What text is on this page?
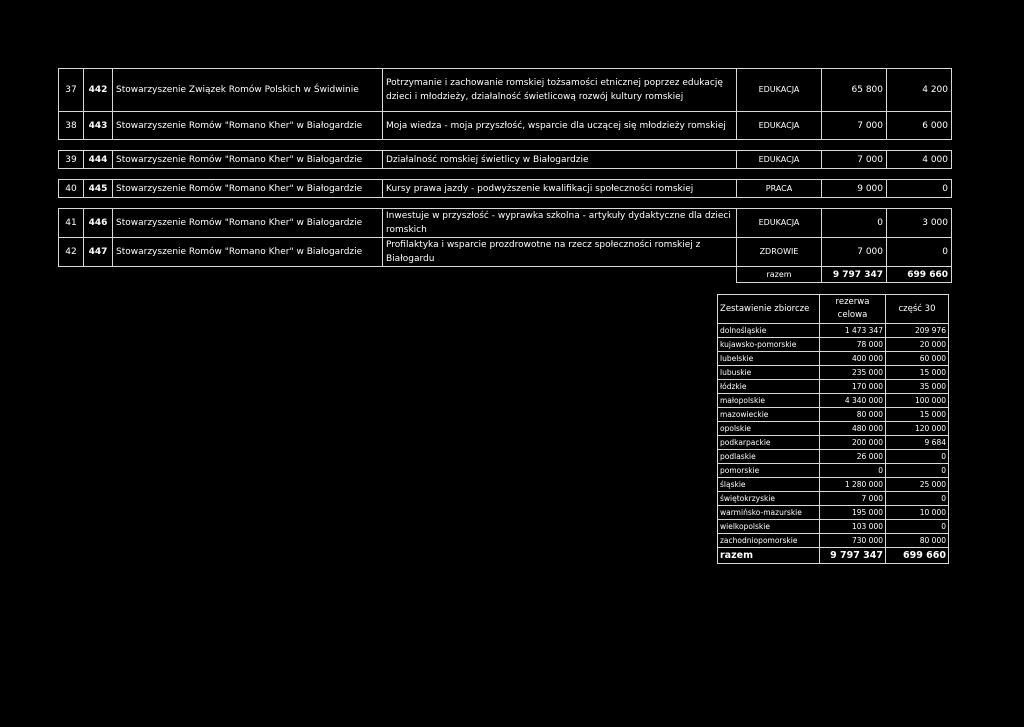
37	442	Stowarzyszenie Związek Romów Polskich w Świdwinie	Potrzymanie i zachowanie romskiej tożsamości etnicznej poprzez edukację dzieci i młodzieży, działalność świetlicową rozwój kultury romskiej	EDUKACJA	65 800	4 200
38	443	Stowarzyszenie Romów "Romano Kher" w Białogardzie	Moja wiedza - moja przyszłość, wsparcie dla uczącej się młodzieży romskiej	EDUKACJA	7 000	6 000

39	444	Stowarzyszenie Romów "Romano Kher" w Białogardzie	Działalność romskiej świetlicy w Białogardzie	EDUKACJA	7 000	4 000

40	445	Stowarzyszenie Romów "Romano Kher" w Białogardzie	Kursy prawa jazdy - podwyższenie kwalifikacji społeczności romskiej	PRACA	9 000	0

41	446	Stowarzyszenie Romów "Romano Kher" w Białogardzie	Inwestuje w przyszłość - wyprawka szkolna - artykuły dydaktyczne dla dzieci romskich	EDUKACJA	0	3 000
42	447	Stowarzyszenie Romów "Romano Kher" w Białogardzie	Profilaktyka i wsparcie prozdrowotne na rzecz społeczności romskiej z Białogardu	ZDROWIE	7 000	0
				razem	9 797 347	699 660
Zestawienie zbiorcze	rezerwa celowa	część 30
dolnośląskie	1 473 347	209 976
kujawsko-pomorskie	78 000	20 000
lubelskie	400 000	60 000
lubuskie	235 000	15 000
łódzkie	170 000	35 000
małopolskie	4 340 000	100 000
mazowieckie	80 000	15 000
opolskie	480 000	120 000
podkarpackie	200 000	9 684
podlaskie	26 000	0
pomorskie	0	0
śląskie	1 280 000	25 000
świętokrzyskie	7 000	0
warmińsko-mazurskie	195 000	10 000
wielkopolskie	103 000	0
zachodniopomorskie	730 000	80 000
razem	9 797 347	699 660
